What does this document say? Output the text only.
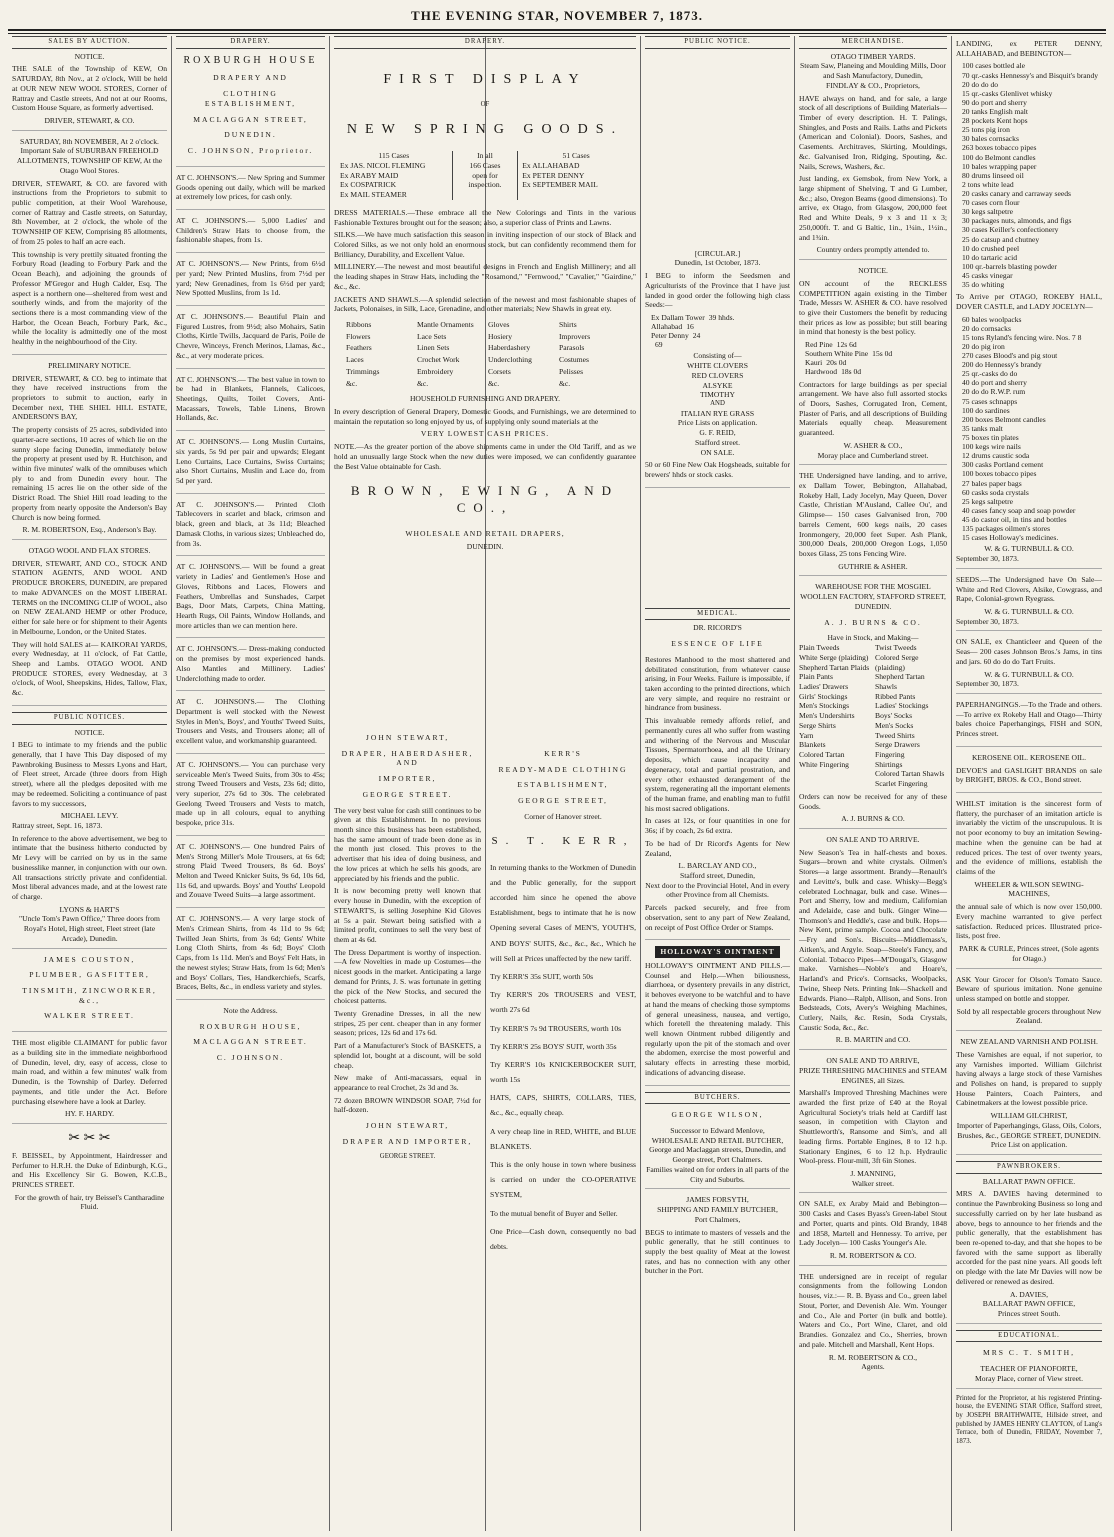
THE EVENING STAR, NOVEMBER 7, 1873.
SALES BY AUCTION.
NOTICE.
THE SALE of the Township of KEW, On SATURDAY, 8th Nov., at 2 o'clock, Will be held at OUR NEW NEW WOOL STORES, Corner of Rattray and Castle streets, And not at our Rooms, Custom House Square, as formerly advertised.
DRIVER, STEWART, & CO.
SATURDAY, 8th NOVEMBER, At 2 o'clock.
Important Sale of SUBURBAN FREEHOLD ALLOTMENTS, TOWNSHIP OF KEW, At the Otago Wool Stores.
DRIVER, STEWART, & CO. are favored with instructions from the Proprietors to submit to public competition, at their Wool Warehouse, corner of Rattray and Castle streets, on Saturday, 8th November, at 2 o'clock, the whole of the TOWNSHIP OF KEW, Comprising 85 allotments, of from 25 poles to half an acre each.
This township is very prettily situated fronting the Forbury Road (leading to Forbury Park and the Ocean Beach), and adjoining the grounds of Professor M'Gregor and Hugh Calder, Esq. The aspect is a northern one—sheltered from west and southerly winds, and from the majority of the sections there is a most commanding view of the Harbor, the Ocean Beach, Forbury Park, &c., while the locality is admittedly one of the most healthy in the neighbourhood of the City.
PRELIMINARY NOTICE.
DRIVER, STEWART, & CO. beg to intimate that they have received instructions from the proprietors to submit to auction, early in December next, THE SHIEL HILL ESTATE, ANDERSON'S BAY,
The property consists of 25 acres, subdivided into quarter-acre sections, 10 acres of which lie on the sunny slope facing Dunedin, immediately below the property at present used by R. Hutchison, and within five minutes' walk of the omnibuses which ply to and from Dunedin every hour. The remaining 15 acres lie on the other side of the District Road. The Shiel Hill road leading to the property from nearly opposite the Anderson's Bay Church is now being formed.
R. M. ROBERTSON, Esq., Anderson's Bay.
OTAGO WOOL AND FLAX STORES.
DRIVER, STEWART, AND CO., STOCK AND STATION AGENTS, AND WOOL AND PRODUCE BROKERS, DUNEDIN, are prepared to make ADVANCES on the MOST LIBERAL TERMS on the INCOMING CLIP of WOOL, also on NEW ZEALAND HEMP or other Produce, either for sale here or for shipment to their Agents in Melbourne, London, or the United States.
They will hold SALES at— KAIKORAI YARDS, every Wednesday, at 11 o'clock, of Fat Cattle, Sheep and Lambs. OTAGO WOOL AND PRODUCE STORES, every Wednesday, at 3 o'clock, of Wool, Sheepskins, Hides, Tallow, Flax, &c.
PUBLIC NOTICES.
NOTICE.
I BEG to intimate to my friends and the public generally, that I have This Day disposed of my Pawnbroking Business to Messrs Lyons and Hart, of Fleet street, Arcade (three doors from High street), where all the pledges deposited with me may be redeemed. Soliciting a continuance of past favors to my successors,
MICHAEL LEVY.
Rattray street, Sept. 16, 1873.
In reference to the above advertisement, we beg to intimate that the business hitherto conducted by Mr Levy will be carried on by us in the same businesslike manner, in conjunction with our own. All transactions strictly private and confidential. Most liberal advances made, and at the lowest rate of charge.
LYONS & HART'S
"Uncle Tom's Pawn Office," Three doors from Royal's Hotel, High street, Fleet street (late Arcade), Dunedin.
JAMES COUSTON,
PLUMBER, GASFITTER,
TINSMITH, ZINCWORKER, &c.,
WALKER STREET.
THE most eligible CLAIMANT for public favor as a building site in the immediate neighborhood of Dunedin, level, dry, easy of access, close to main road, and within a few minutes' walk from Dunedin, is the Township of Darley. Deferred payments, and title under the Act. Before purchasing elsewhere have a look at Darley.
HY. F. HARDY.
✂ ✂ ✂
F. BEISSEL, by Appointment, Hairdresser and Perfumer to H.R.H. the Duke of Edinburgh, K.G., and His Excellency Sir G. Bowen, K.C.B., PRINCES STREET.
For the growth of hair, try Beissel's Cantharadine Fluid.
DRAPERY.
ROXBURGH HOUSE
DRAPERY AND
CLOTHING ESTABLISHMENT,
MACLAGGAN STREET,
DUNEDIN.
C. JOHNSON, Proprietor.
AT C. JOHNSON'S.— New Spring and Summer Goods opening out daily, which will be marked at extremely low prices, for cash only.
AT C. JOHNSON'S.— 5,000 Ladies' and Children's Straw Hats to choose from, the fashionable shapes, from 1s.
AT C. JOHNSON'S.— New Prints, from 6½d per yard; New Printed Muslins, from 7½d per yard; New Grenadines, from 1s 6½d per yard; New Spotted Muslins, from 1s 1d.
AT C. JOHNSON'S.— Beautiful Plain and Figured Lustres, from 9½d; also Mohairs, Satin Cloths, Kirtle Twills, Jacquard de Paris, Poile de Chevre, Winceys, French Merinos, Llamas, &c., &c., at very moderate prices.
AT C. JOHNSON'S.— The best value in town to be had in Blankets, Flannels, Calicoes, Sheetings, Quilts, Toilet Covers, Anti-Macassars, Towels, Table Linens, Brown Hollands, &c.
AT C. JOHNSON'S.— Long Muslin Curtains, six yards, 5s 9d per pair and upwards; Elegant Leno Curtains, Lace Curtains, Swiss Curtains; also Short Curtains, Muslin and Lace do, from 5d per yard.
AT C. JOHNSON'S.— Printed Cloth Tablecovers in scarlet and black, crimson and black, green and black, at 3s 11d; Bleached Damask Cloths, in various sizes; Unbleached do, from 3s.
AT C. JOHNSON'S.— Will be found a great variety in Ladies' and Gentlemen's Hose and Gloves, Ribbons and Laces, Flowers and Feathers, Umbrellas and Sunshades, Carpet Bags, Door Mats, Carpets, China Matting, Hearth Rugs, Oil Paints, Window Hollands, and more articles than we can mention here.
AT C. JOHNSON'S.— Dress-making conducted on the premises by most experienced hands. Also Mantles and Millinery. Ladies' Underclothing made to order.
AT C. JOHNSON'S.— The Clothing Department is well stocked with the Newest Styles in Men's, Boys', and Youths' Tweed Suits, Trousers and Vests, and Trousers alone; all of excellent value, and workmanship guaranteed.
AT C. JOHNSON'S.— You can purchase very serviceable Men's Tweed Suits, from 30s to 45s; strong Tweed Trousers and Vests, 23s 6d; ditto, very superior, 27s 6d to 30s. The celebrated Geelong Tweed Trousers and Vests to match, made up in all colours, equal to anything bespoke, price 31s.
AT C. JOHNSON'S.— One hundred Pairs of Men's Strong Miller's Mole Trousers, at 6s 6d; strong Plaid Tweed Trousers, 8s 6d. Boys' Melton and Tweed Knicker Suits, 9s 6d, 10s 6d, 11s 6d, and upwards. Boys' and Youths' Leopold and Zouave Tweed Suits—a large assortment.
AT C. JOHNSON'S.— A very large stock of Men's Crimean Shirts, from 4s 11d to 9s 6d; Twilled Jean Shirts, from 3s 6d; Gents' White Long Cloth Shirts, from 4s 6d; Boys' Cloth Caps, from 1s 11d. Men's and Boys' Felt Hats, in the newest styles; Straw Hats, from 1s 6d; Men's and Boys' Collars, Ties, Handkerchiefs, Scarfs, Braces, Belts, &c., in endless variety and styles.
Note the Address.
ROXBURGH HOUSE,
MACLAGGAN STREET.
C. JOHNSON.
DRAPERY.
FIRST DISPLAY
OF
NEW SPRING GOODS.
115 Cases
Ex JAS. NICOL FLEMING
Ex ARABY MAID
Ex COSPATRICK
Ex MAIL STEAMER
In all
166 Cases
open for
inspection.
51 Cases
Ex ALLAHABAD
Ex PETER DENNY
Ex SEPTEMBER MAIL
DRESS MATERIALS.—These embrace all the New Colorings and Tints in the various Fashionable Textures brought out for the season; also, a superior class of Prints and Lawns.
SILKS.—We have much satisfaction this season in inviting inspection of our stock of Black and Colored Silks, as we not only hold an enormous stock, but can confidently recommend them for Brilliancy, Durability, and Excellent Value.
MILLINERY.—The newest and most beautiful designs in French and English Millinery; and all the leading shapes in Straw Hats, including the "Rosamond," "Fernwood," "Cavalier," "Gairdine," &c., &c.
JACKETS AND SHAWLS.—A splendid selection of the newest and most fashionable shapes of Jackets, Polonaises, in Silk, Lace, Grenadine, and other materials; New Shawls in great ety.
Ribbons	Mantle Ornaments	Gloves	Shirts
Flowers	Lace Sets	Hosiery	Improvers
Feathers	Linen Sets	Haberdashery	Parasols
Laces	Crochet Work	Underclothing	Costumes
Trimmings	Embroidery	Corsets	Pelisses
&c.	&c.	&c.	&c.
HOUSEHOLD FURNISHING AND DRAPERY.
In every description of General Drapery, Domestic Goods, and Furnishings, we are determined to maintain the reputation so long enjoyed by us, of supplying only sound materials at the
VERY LOWEST CASH PRICES.
NOTE.—As the greater portion of the above shipments came in under the Old Tariff, and as we hold an unusually large Stock when the new duties were imposed, we can confidently guarantee the Best Value obtainable for Cash.
BROWN, EWING, AND CO.,
WHOLESALE AND RETAIL DRAPERS,
DUNEDIN.
JOHN STEWART,
DRAPER, HABERDASHER, AND
IMPORTER,
GEORGE STREET.
The very best value for cash still continues to be given at this Establishment. In no previous month since this business has been established, has the same amount of trade been done as in the month just closed. This proves to the advertiser that his idea of doing business, and the low prices at which he sells his goods, are appreciated by his friends and the public.
It is now becoming pretty well known that every house in Dunedin, with the exception of STEWART'S, is selling Josephine Kid Gloves at 5s a pair. Stewart being satisfied with a limited profit, continues to sell the very best of them at 4s 6d.
The Dress Department is worthy of inspection.—A few Novelties in made up Costumes—the nicest goods in the market. Anticipating a large demand for Prints, J. S. was fortunate in getting the pick of the New Stocks, and secured the choicest patterns.
Twenty Grenadine Dresses, in all the new stripes, 25 per cent. cheaper than in any former season; prices, 12s 6d and 17s 6d.
Part of a Manufacturer's Stock of BASKETS, a splendid lot, bought at a discount, will be sold cheap.
New make of Anti-macassars, equal in appearance to real Crochet, 2s 3d and 3s.
72 dozen BROWN WINDSOR SOAP, 7½d for half-dozen.
JOHN STEWART,
DRAPER AND IMPORTER,
GEORGE STREET.
KERR'S
READY-MADE CLOTHING
ESTABLISHMENT,
GEORGE STREET,
Corner of Hanover street.
S. T. KERR,
In returning thanks to the Workmen of Dunedin and the Public generally, for the support accorded him since he opened the above Establishment, begs to intimate that he is now Opening several Cases of MEN'S, YOUTH'S, AND BOYS' SUITS, &c., &c., &c., Which he will Sell at Prices unaffected by the new tariff.
Try KERR'S 35s SUIT, worth 50s
Try KERR'S 20s TROUSERS and VEST, worth 27s 6d
Try KERR'S 7s 9d TROUSERS, worth 10s
Try KERR'S 25s BOYS' SUIT, worth 35s
Try KERR'S 10s KNICKERBOCKER SUIT, worth 15s
HATS, CAPS, SHIRTS, COLLARS, TIES, &c., &c., equally cheap.
A very cheap line in RED, WHITE, and BLUE BLANKETS.
This is the only house in town where business is carried on under the CO-OPERATIVE SYSTEM,
To the mutual benefit of Buyer and Seller.
One Price—Cash down, consequently no bad debts.
PUBLIC NOTICE.
[CIRCULAR.]
Dunedin, 1st October, 1873.
I BEG to inform the Seedsmen and Agriculturists of the Province that I have just landed in good order the following high class Seeds:—
Ex Dallam Tower 39 hhds.
Allahabad 16
Peter Denny 24
69
Consisting of—
WHITE CLOVERS
RED CLOVERS
ALSYKE
TIMOTHY
AND
ITALIAN RYE GRASS
Price Lists on application.
G. F. REID,
Stafford street.
ON SALE.
50 or 60 Fine New Oak Hogsheads, suitable for brewers' hhds or stock casks.
MEDICAL.
DR. RICORD'S
ESSENCE OF LIFE
Restores Manhood to the most shattered and debilitated constitution, from whatever cause arising, in Four Weeks. Failure is impossible, if taken according to the printed directions, which are very simple, and require no restraint or hindrance from business.
This invaluable remedy affords relief, and permanently cures all who suffer from wasting and withering of the Nervous and Muscular Tissues, Spermatorrhoea, and all the Urinary deposits, which cause incapacity and degeneracy, total and partial prostration, and every other exhausted derangement of the system, regenerating all the important elements of the human frame, and enabling man to fulfil his most sacred obligations.
In cases at 12s, or four quantities in one for 36s; if by coach, 2s 6d extra.
To be had of Dr Ricord's Agents for New Zealand,
L. BARCLAY AND CO.,
Stafford street, Dunedin,
Next door to the Provincial Hotel, And in every other Province from all Chemists.
Parcels packed securely, and free from observation, sent to any part of New Zealand, on receipt of Post Office Order or Stamps.
HOLLOWAY'S OINTMENT
HOLLOWAY'S OINTMENT AND PILLS.—Counsel and Help.—When biliousness, diarrhoea, or dysentery prevails in any district, it behoves everyone to be watchful and to have at hand the means of checking those symptoms of general uneasiness, nausea, and vertigo, which foretell the threatening malady. This well known Ointment rubbed diligently and regularly upon the pit of the stomach and over the abdomen, exercise the most powerful and salutary effects in arresting these morbid, indications of advancing disease.
BUTCHERS.
GEORGE WILSON,
Successor to Edward Menlove,
WHOLESALE AND RETAIL BUTCHER,
George and Maclaggan streets, Dunedin, and George street, Port Chalmers.
Families waited on for orders in all parts of the City and Suburbs.
JAMES FORSYTH,
SHIPPING AND FAMILY BUTCHER,
Port Chalmers,
BEGS to intimate to masters of vessels and the public generally, that he still continues to supply the best quality of Meat at the lowest rates, and has no connection with any other butcher in the Port.
MERCHANDISE.
OTAGO TIMBER YARDS.
Steam Saw, Planeing and Moulding Mills, Door and Sash Manufactory, Dunedin,
FINDLAY & CO., Proprietors,
HAVE always on hand, and for sale, a large stock of all descriptions of Building Materials— Timber of every description. H. T. Palings, Shingles, and Posts and Rails. Laths and Pickets (American and Colonial). Doors, Sashes, and Casements. Architraves, Skirting, Mouldings, &c. Galvanised Iron, Ridging, Spouting, &c. Nails, Screws, Washers, &c.
Just landing, ex Gemsbok, from New York, a large shipment of Shelving, T and G Lumber, &c.; also, Oregon Beams (good dimensions). To arrive, ex Otago, from Glasgow, 200,000 feet Red and White Deals, 9 x 3 and 11 x 3; 250,000ft. T. and G Baltic, 1in., 1¼in., 1½in., and 1¾in.
Country orders promptly attended to.
NOTICE.
ON account of the RECKLESS COMPETITION again existing in the Timber Trade, Messrs W. ASHER & CO. have resolved to give their Customers the benefit by reducing their prices as low as possible; but still bearing in mind that honesty is the best policy.
Red Pine 12s 6d
Southern White Pine 15s 0d
Kauri 20s 0d
Hardwood 18s 0d
Contractors for large buildings as per special arrangement. We have also full assorted stocks of Doors, Sashes, Corrugated Iron, Cement, Plaster of Paris, and all descriptions of Building Materials equally cheap. Measurement guaranteed.
W. ASHER & CO.,
Moray place and Cumberland street.
THE Undersigned have landing, and to arrive, ex Dallam Tower, Bebington, Allahabad, Rokeby Hall, Lady Jocelyn, May Queen, Dover Castle, Christian M'Ausland, Callee Ou', and Glimpse— 150 cases Galvanised Iron, 700 barrels Cement, 600 kegs nails, 20 cases Ironmongery, 20,000 feet Super. Ash Plank, 300,000 Deals, 200,000 Oregon Logs, 1,050 boxes Glass, 25 tons Fencing Wire.
GUTHRIE & ASHER.
WAREHOUSE FOR THE MOSGIEL WOOLLEN FACTORY, STAFFORD STREET, DUNEDIN.
A. J. BURNS & CO.
Have in Stock, and Making—
Plain Tweeds
White Serge (plaiding)
Shepherd Tartan Plaids
Plain Pants
Ladies' Drawers
Girls' Stockings
Men's Stockings
Men's Undershirts
Serge Shirts
Yarn
Blankets
Colored Tartan
White Fingering
Twist Tweeds
Colored Serge (plaiding)
Shepherd Tartan Shawls
Ribbed Pants
Ladies' Stockings
Boys' Socks
Men's Socks
Tweed Shirts
Serge Drawers
Fingering
Shirtings
Colored Tartan Shawls
Scarlet Fingering
Orders can now be received for any of these Goods.
A. J. BURNS & CO.
ON SALE AND TO ARRIVE.
New Season's Tea in half-chests and boxes. Sugars—brown and white crystals. Oilmen's Stores—a large assortment. Brandy—Renault's and Levitte's, bulk and case. Whisky—Begg's celebrated Lochnagar, bulk and case. Wines—Port and Sherry, low and medium, Californian and Adelaide, case and bulk. Ginger Wine—Thomson's and Heddle's, case and bulk. Hops—New Kent, prime sample. Cocoa and Chocolate—Fry and Son's. Biscuits—Middlemass's, Aitken's, and Argyle. Soap—Steele's Fancy, and Colonial. Tobacco Pipes—M'Dougal's, Glasgow make. Varnishes—Noble's and Hoare's, Harland's and Price's. Cornsacks, Woolpacks, Twine, Sheep Nets. Printing Ink—Shackell and Edwards. Piano—Ralph, Allison, and Sons. Iron Bedsteads, Cots, Avery's Weighing Machines, Cutlery, Nails, &c. Resin, Soda Crystals, Caustic Soda, &c., &c.
R. B. MARTIN and CO.
ON SALE AND TO ARRIVE,
PRIZE THRESHING MACHINES and STEAM ENGINES, all Sizes.
Marshall's Improved Threshing Machines were awarded the first prize of £40 at the Royal Agricultural Society's trials held at Cardiff last season, in competition with Clayton and Shuttleworth's, Ransome and Sim's, and all leading firms. Portable Engines, 8 to 12 h.p. Stationary Engines, 6 to 12 h.p. Hydraulic Wool-press. Flour-mill, 3ft 6in Stones.
J. MANNING,
Walker street.
ON SALE, ex Araby Maid and Bebington— 300 Casks and Cases Byass's Green-label Stout and Porter, quarts and pints. Old Brandy, 1848 and 1858, Martell and Hennessy. To arrive, per Lady Jocelyn— 100 Casks Younger's Ale.
R. M. ROBERTSON & CO.
THE undersigned are in receipt of regular consignments from the following London houses, viz.:— R. B. Byass and Co., green label Stout, Porter, and Devenish Ale. Wm. Younger and Co., Ale and Porter (in bulk and bottle). Waters and Co., Port Wine, Claret, and old Brandies. Gonzalez and Co., Sherries, brown and pale. Mitchell and Marshall, Kent Hops.
R. M. ROBERTSON & CO.,
Agents.
LANDING, ex PETER DENNY, ALLAHABAD, and BEBINGTON—
100 cases bottled ale
70 qr.-casks Hennessy's and Bisquit's brandy
20 do do do
15 qr.-casks Glenlivet whisky
90 do port and sherry
20 tanks English malt
28 pockets Kent hops
25 tons pig iron
30 bales cornsacks
263 boxes tobacco pipes
100 do Belmont candles
10 bales wrapping paper
80 drums linseed oil
2 tons white lead
20 casks canary and carraway seeds
70 cases corn flour
30 kegs saltpetre
30 packages nuts, almonds, and figs
30 cases Keiller's confectionery
25 do catsup and chutney
10 do crushed peel
10 do tartaric acid
100 qr.-barrels blasting powder
45 casks vinegar
35 do whiting
To Arrive per OTAGO, ROKEBY HALL, DOVER CASTLE, and LADY JOCELYN—
60 bales woolpacks
20 do cornsacks
15 tons Ryland's fencing wire. Nos. 7 8
20 do pig iron
270 cases Blood's and pig stout
200 do Hennessy's brandy
25 qr.-casks do do
40 do port and sherry
20 do do R.W.P. rum
75 cases schnapps
100 do sardines
200 boxes Belmont candles
35 tanks malt
75 boxes tin plates
100 kegs wire nails
12 drums caustic soda
300 casks Portland cement
100 boxes tobacco pipes
27 bales paper bags
60 casks soda crystals
25 kegs saltpetre
40 cases fancy soap and soap powder
45 do castor oil, in tins and bottles
135 packages oilmen's stores
15 cases Holloway's medicines.
W. & G. TURNBULL & CO.
September 30, 1873.
SEEDS.—The Undersigned have On Sale— White and Red Clovers, Alsike, Cowgrass, and Rape, Colonial-grown Ryegrass.
W. & G. TURNBULL & CO.
September 30, 1873.
ON SALE, ex Chanticleer and Queen of the Seas— 200 cases Johnson Bros.'s Jams, in tins and jars. 60 do do do Tart Fruits.
W. & G. TURNBULL & CO.
September 30, 1873.
PAPERHANGINGS.—To the Trade and others.—To arrive ex Rokeby Hall and Otago—Thirty bales choice Paperhangings, FISH and SON, Princes street.
KEROSENE OIL. KEROSENE OIL.
DEVOE'S and GASLIGHT BRANDS on sale by BRIGHT, BROS. & CO., Bond street.
WHILST imitation is the sincerest form of flattery, the purchaser of an imitation article is invariably the victim of the unscrupulous. It is not poor economy to buy an imitation Sewing-machine when the genuine can be had at reduced prices. The test of over twenty years, and the evidence of millions, establish the claims of the
WHEELER & WILSON SEWING-MACHINES,
the annual sale of which is now over 150,000. Every machine warranted to give perfect satisfaction. Reduced prices. Illustrated price-lists, post free.
PARK & CURLE, Princes street, (Sole agents for Otago.)
ASK Your Grocer for Olson's Tomato Sauce. Beware of spurious imitation. None genuine unless stamped on bottle and stopper.
Sold by all respectable grocers throughout New Zealand.
NEW ZEALAND VARNISH AND POLISH.
These Varnishes are equal, if not superior, to any Varnishes imported. William Gilchrist having always a large stock of these Varnishes and Polishes on hand, is prepared to supply House Painters, Coach Painters, and Cabinetmakers at the lowest possible price.
WILLIAM GILCHRIST,
Importer of Paperhangings, Glass, Oils, Colors, Brushes, &c., GEORGE STREET, DUNEDIN.
Price List on application.
PAWNBROKERS.
BALLARAT PAWN OFFICE.
MRS A. DAVIES having determined to continue the Pawnbroking Business so long and successfully carried on by her late husband as above, begs to announce to her friends and the public generally, that the establishment has been re-opened to-day, and that she hopes to be favored with the same support as liberally accorded for the past nine years. All goods left on pledge with the late Mr Davies will now be delivered or renewed as desired.
A. DAVIES,
BALLARAT PAWN OFFICE,
Princes street South.
EDUCATIONAL.
MRS C. T. SMITH,
TEACHER OF PIANOFORTE,
Moray Place, corner of View street.
Printed for the Proprietor, at his registered Printing-house, the EVENING STAR Office, Stafford street, by JOSEPH BRAITHWAITE, Hillside street, and published by JAMES HENRY CLAYTON, of Lang's Terrace, both of Dunedin, FRIDAY, November 7, 1873.
